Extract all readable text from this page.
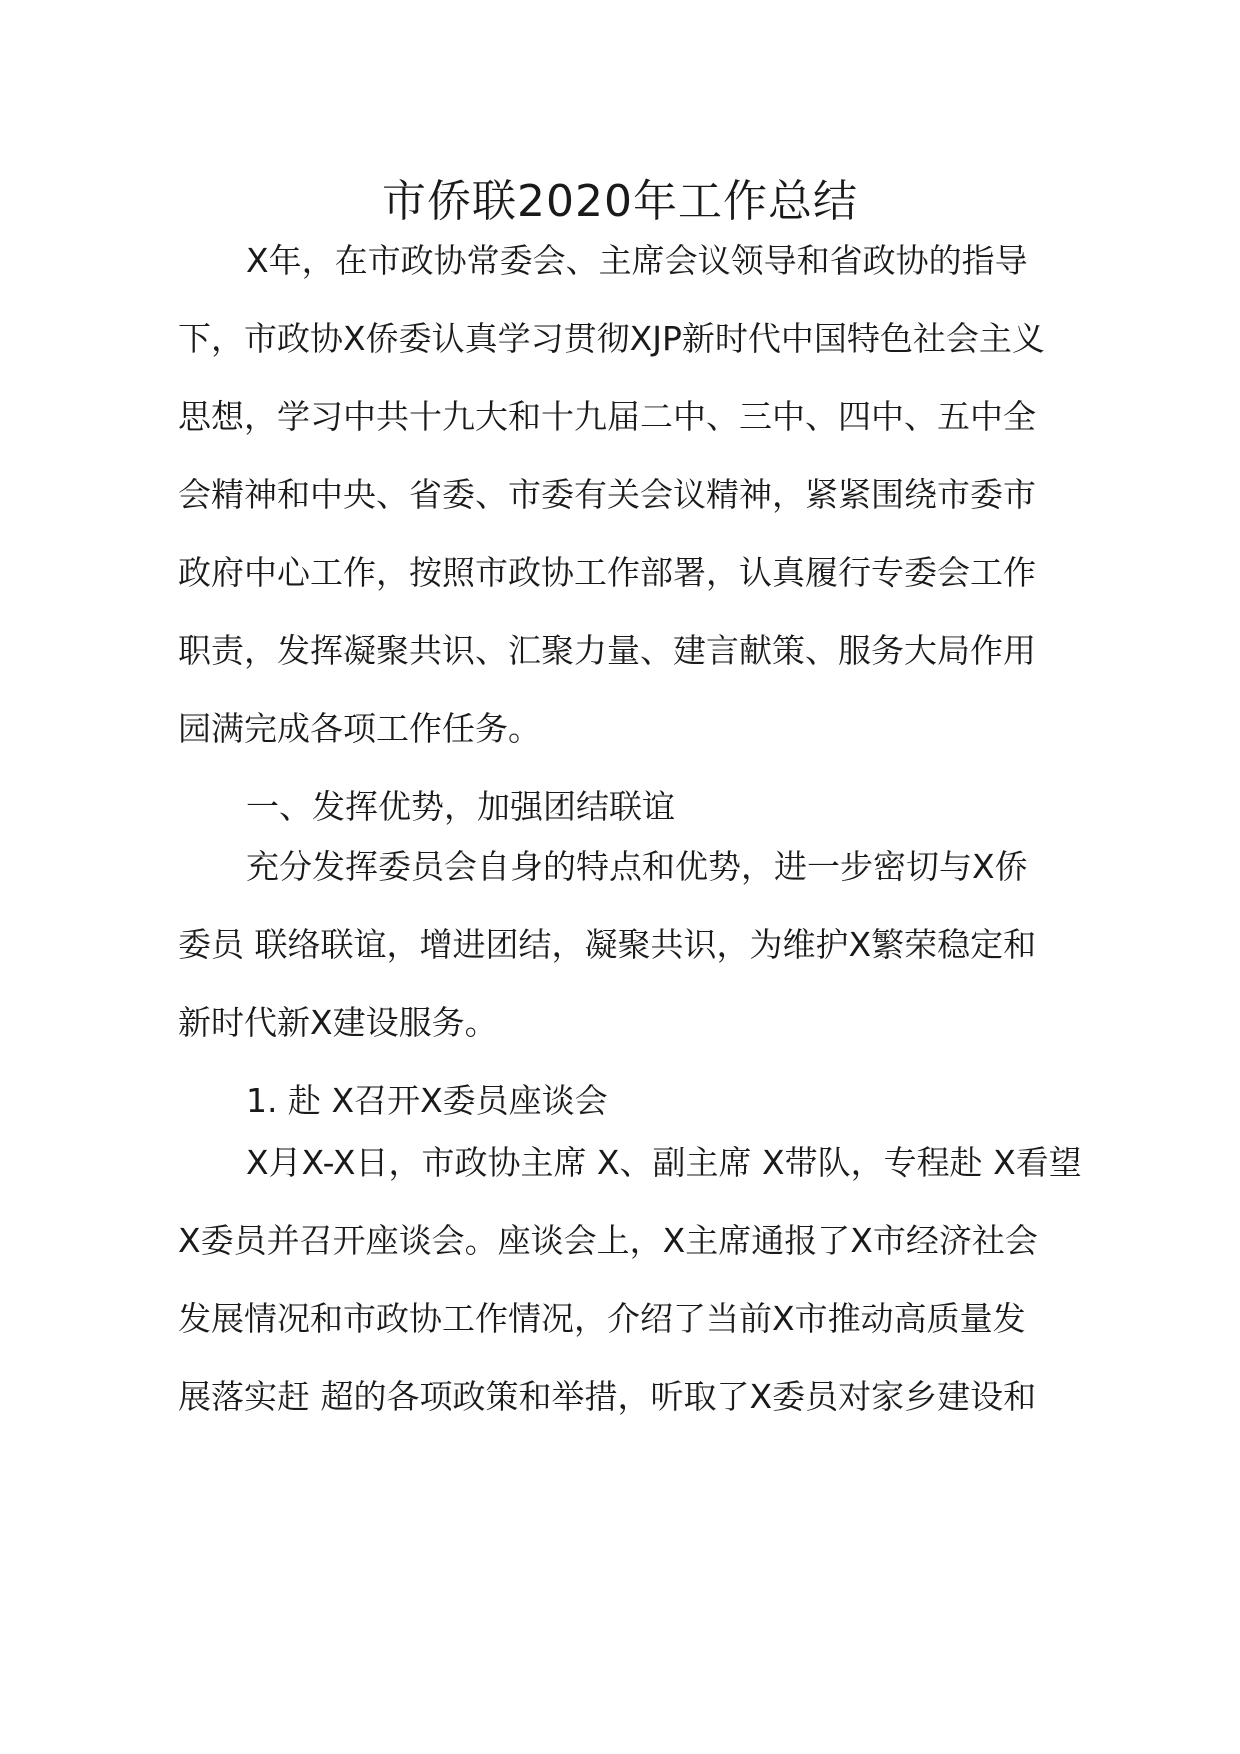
市侨联2020年工作总结

X年，在市政协常委会、主席会议领导和省政协的指导

下，市政协X侨委认真学习贯彻XJP新时代中国特色社会主义

思想，学习中共十九大和十九届二中、三中、四中、五中全

会精神和中央、省委、市委有关会议精神，紧紧围绕市委市

政府中心工作，按照市政协工作部署，认真履行专委会工作

职责，发挥凝聚共识、汇聚力量、建言献策、服务大局作用

园满完成各项工作任务。

一、发挥优势，加强团结联谊

充分发挥委员会自身的特点和优势，进一步密切与X侨

委员 联络联谊，增进团结，凝聚共识，为维护X繁荣稳定和

新时代新X建设服务。

1. 赴 X召开X委员座谈会

X月X-X日，市政协主席 X、副主席 X带队，专程赴 X看望

X委员并召开座谈会。座谈会上，X主席通报了X市经济社会

发展情况和市政协工作情况，介绍了当前X市推动高质量发

展落实赶 超的各项政策和举措，听取了X委员对家乡建设和
